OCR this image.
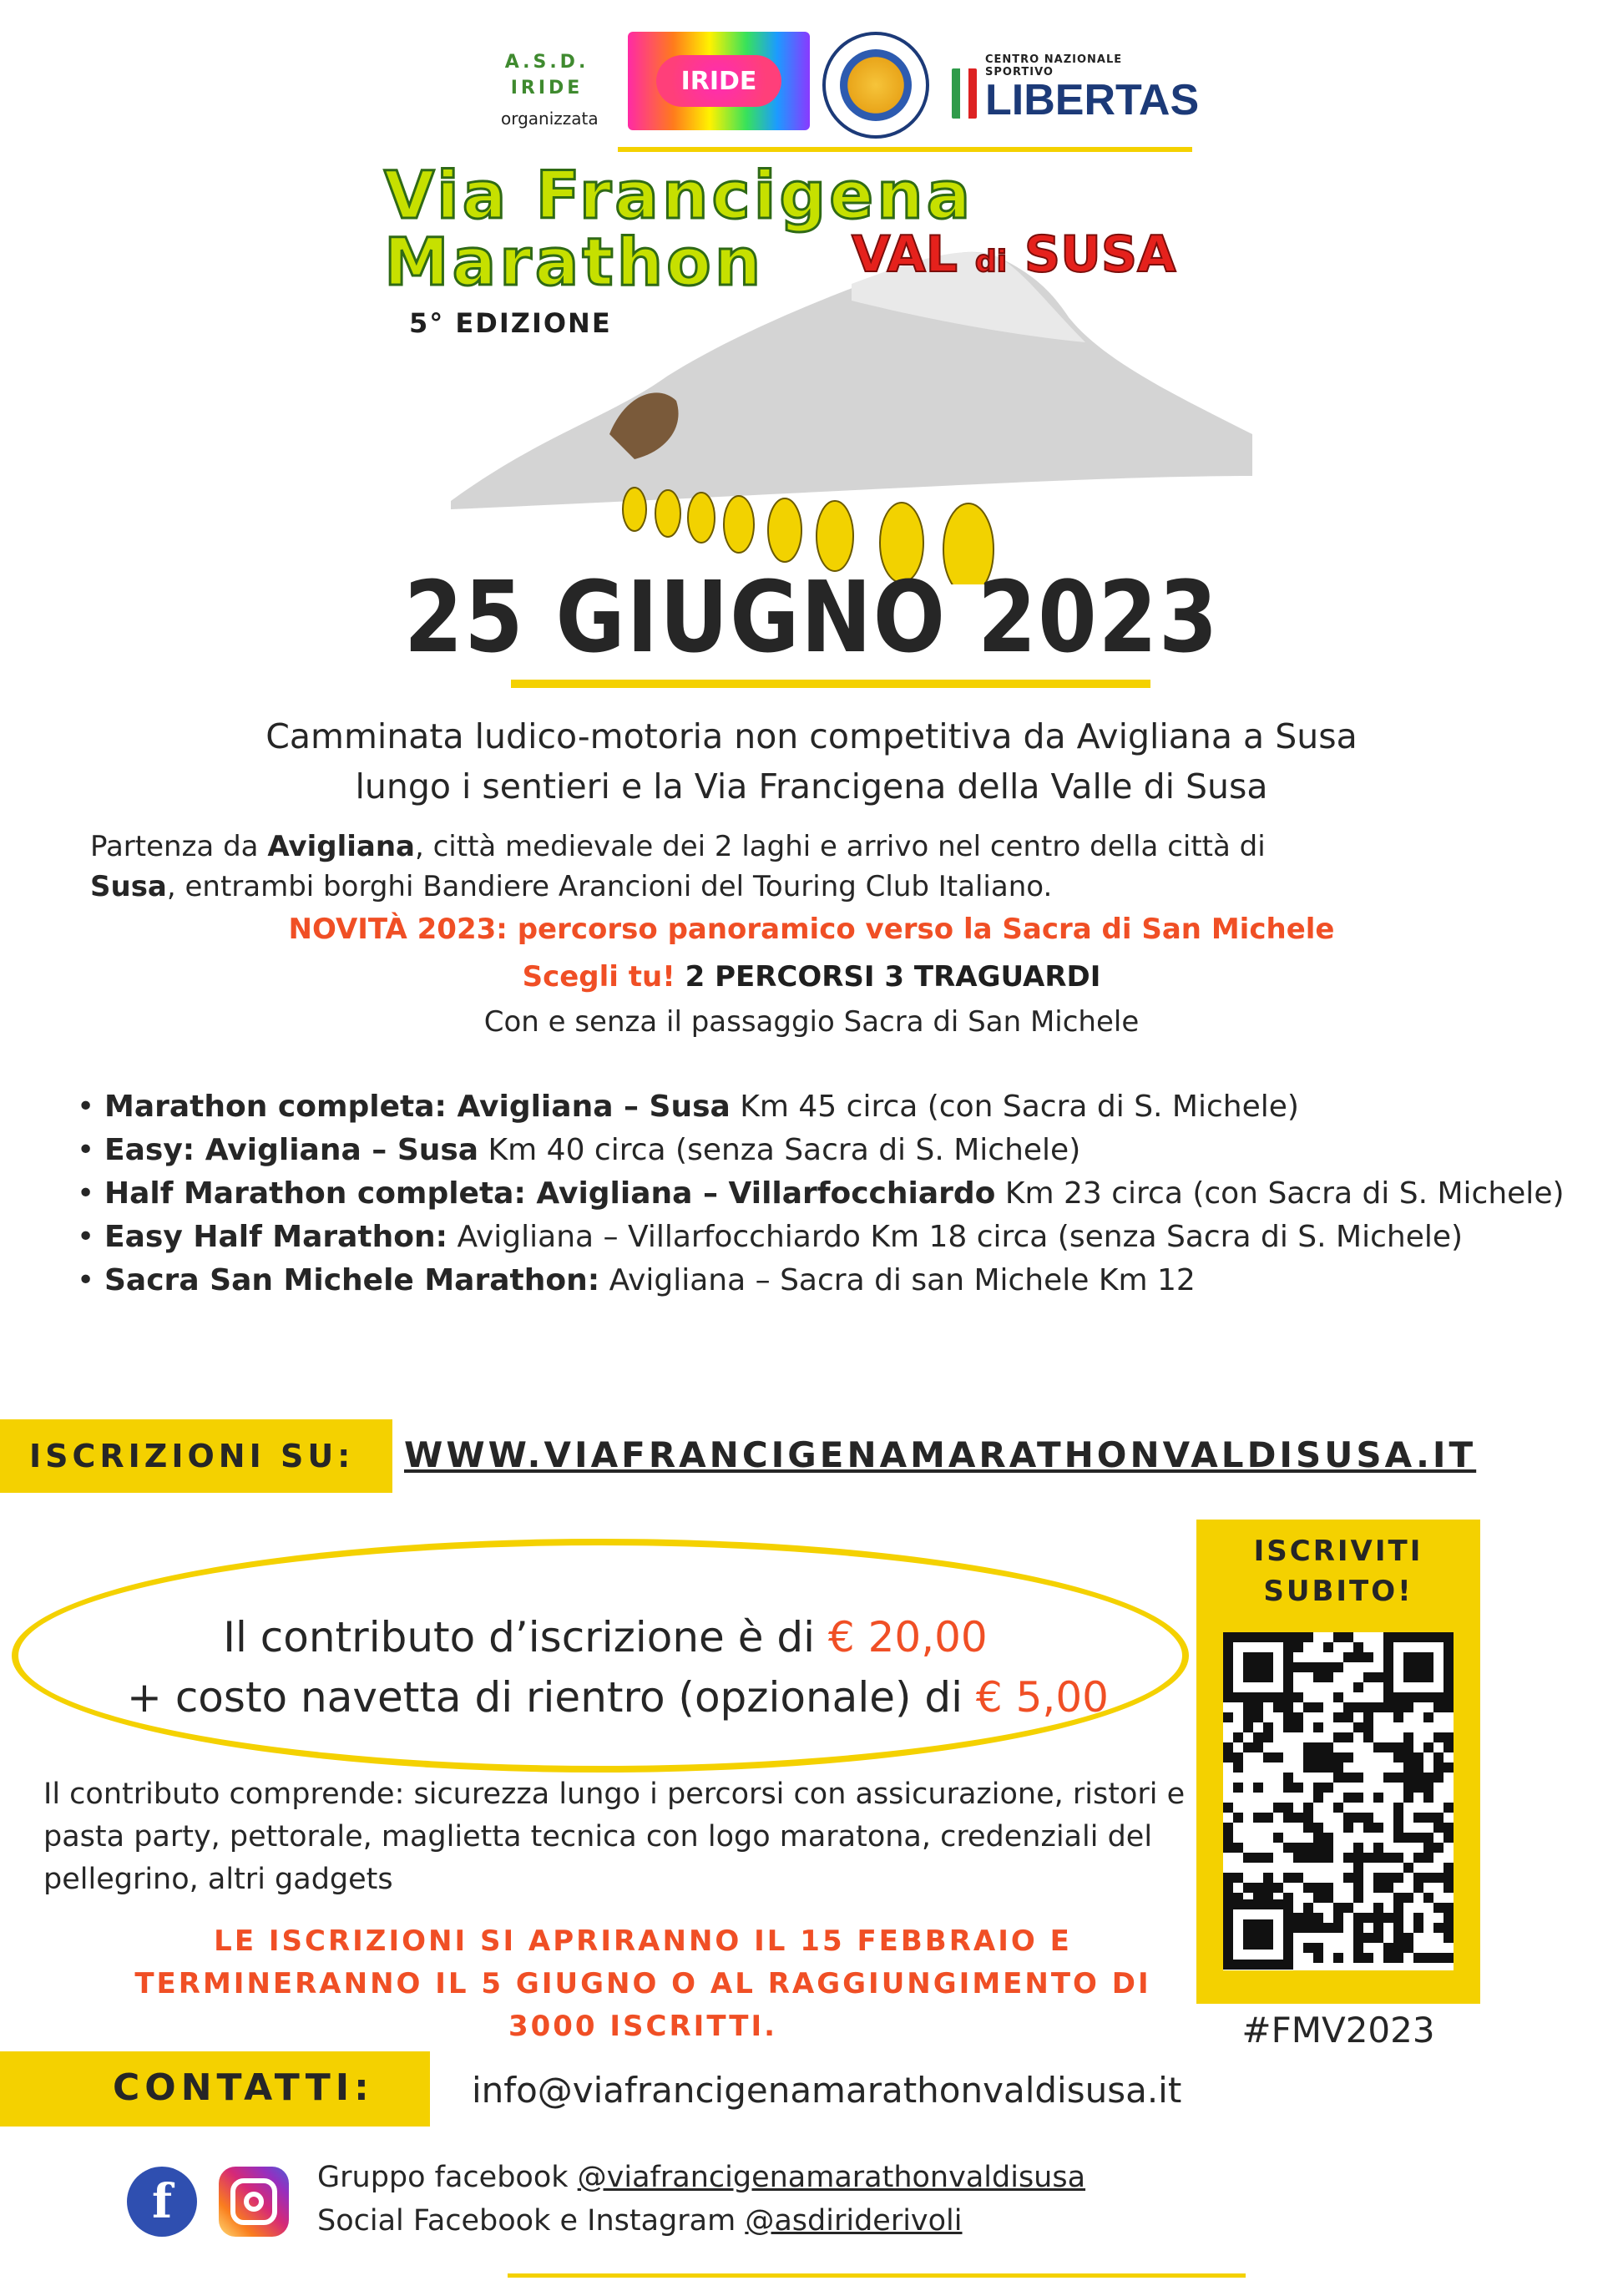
A.S.D.
IRIDE
organizzata
IRIDE
CENTRO NAZIONALE SPORTIVO
LIBERTAS
Via Francigena
Marathon VAL di SUSA
5° EDIZIONE
25 GIUGNO 2023
Camminata ludico-motoria non competitiva da Avigliana a Susa
lungo i sentieri e la Via Francigena della Valle di Susa
Partenza da Avigliana, città medievale dei 2 laghi e arrivo nel centro della città di
Susa, entrambi borghi Bandiere Arancioni del Touring Club Italiano.
NOVITÀ 2023: percorso panoramico verso la Sacra di San Michele
Scegli tu! 2 PERCORSI 3 TRAGUARDI
Con e senza il passaggio Sacra di San Michele
• Marathon completa: Avigliana – Susa Km 45 circa (con Sacra di S. Michele)
• Easy: Avigliana – Susa Km 40 circa (senza Sacra di S. Michele)
• Half Marathon completa: Avigliana – Villarfocchiardo Km 23 circa (con Sacra di S. Michele)
• Easy Half Marathon: Avigliana – Villarfocchiardo Km 18 circa (senza Sacra di S. Michele)
• Sacra San Michele Marathon: Avigliana – Sacra di san Michele Km 12
ISCRIZIONI SU: WWW.VIAFRANCIGENAMARATHONVALDISUSA.IT
Il contributo d’iscrizione è di € 20,00
+ costo navetta di rientro (opzionale) di € 5,00
ISCRIVITI
SUBITO!
#FMV2023
Il contributo comprende: sicurezza lungo i percorsi con assicurazione, ristori e pasta party, pettorale, maglietta tecnica con logo maratona, credenziali del pellegrino, altri gadgets
LE ISCRIZIONI SI APRIRANNO IL 15 FEBBRAIO E TERMINERANNO IL 5 GIUGNO O AL RAGGIUNGIMENTO DI 3000 ISCRITTI.
CONTATTI:	info@viafrancigenamarathonvaldisusa.it
f	Gruppo facebook @viafrancigenamarathonvaldisusa
Social Facebook e Instagram @asdiriderivoli
